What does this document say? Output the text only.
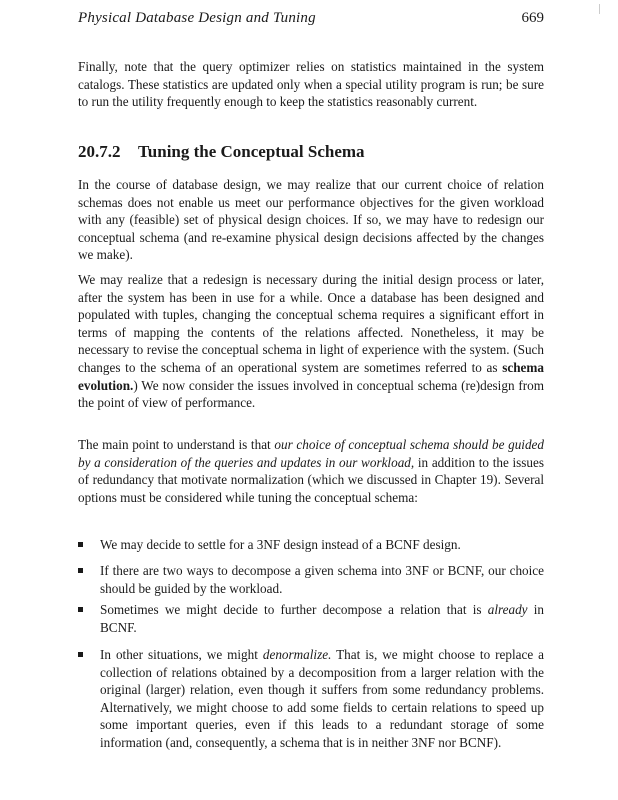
Physical Database Design and Tuning	669

Finally, note that the query optimizer relies on statistics maintained in the system catalogs. These statistics are updated only when a special utility program is run; be sure to run the utility frequently enough to keep the statistics reasonably current.

20.7.2 Tuning the Conceptual Schema

In the course of database design, we may realize that our current choice of relation schemas does not enable us meet our performance objectives for the given workload with any (feasible) set of physical design choices. If so, we may have to redesign our conceptual schema (and re-examine physical design decisions affected by the changes we make).

We may realize that a redesign is necessary during the initial design process or later, after the system has been in use for a while. Once a database has been designed and populated with tuples, changing the conceptual schema requires a significant effort in terms of mapping the contents of the relations affected. Nonetheless, it may be necessary to revise the conceptual schema in light of experience with the system. (Such changes to the schema of an operational system are sometimes referred to as schema evolution.) We now consider the issues involved in conceptual schema (re)design from the point of view of performance.

The main point to understand is that our choice of conceptual schema should be guided by a consideration of the queries and updates in our workload, in addition to the issues of redundancy that motivate normalization (which we discussed in Chapter 19). Several options must be considered while tuning the conceptual schema:

We may decide to settle for a 3NF design instead of a BCNF design.
If there are two ways to decompose a given schema into 3NF or BCNF, our choice should be guided by the workload.
Sometimes we might decide to further decompose a relation that is already in BCNF.
In other situations, we might denormalize. That is, we might choose to replace a collection of relations obtained by a decomposition from a larger relation with the original (larger) relation, even though it suffers from some redundancy problems. Alternatively, we might choose to add some fields to certain relations to speed up some important queries, even if this leads to a redundant storage of some information (and, consequently, a schema that is in neither 3NF nor BCNF).
